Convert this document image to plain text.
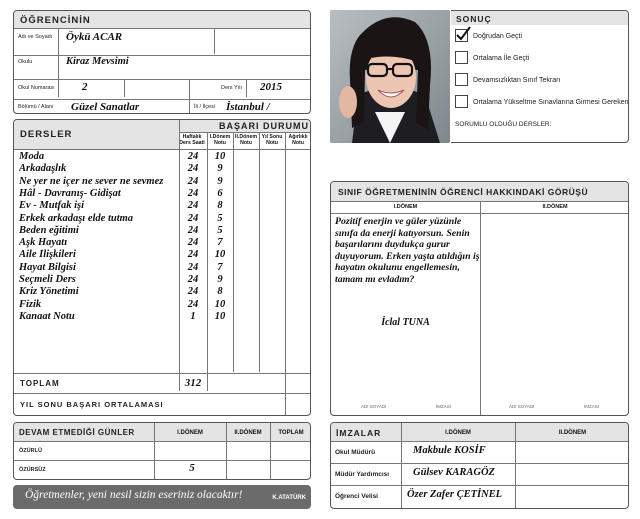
ÖĞRENCİNİN
Adı ve Soyadı Öykü ACAR
Okulu	Kiraz Mevsimi
Okul Numarası 2	Ders Yılı 2015
Bölümü / Alanı Güzel Sanatlar	İli / İlçesi İstanbul /
DERSLER
BAŞARI DURUMU
Haftalık Ders Saati
I.Dönem Notu
II.Dönem Notu
Yıl Sonu Notu
Ağırlıklı Notu
Moda	24	10
Arkadaşlık	24	9
Ne yer ne içer ne sever ne sevmez	24	9
Hâl - Davranış- Gidişat	24	6
Ev - Mutfak işi	24	8
Erkek arkadaşı elde tutma	24	5
Beden eğitimi	24	5
Aşk Hayatı	24	7
Aile İlişkileri	24	10
Hayat Bilgisi	24	7
Seçmeli Ders	24	9
Kriz Yönetimi	24	8
Fizik	24	10
Kanaat Notu	1	10
TOPLAM	312
YIL SONU BAŞARI ORTALAMASI
DEVAM ETMEDİĞİ GÜNLER	I.DÖNEM	II.DÖNEM	TOPLAM
ÖZÜRLÜ
ÖZÜRSÜZ	5
Öğretmenler, yeni nesil sizin eseriniz olacaktır!	K.ATATÜRK
SONUÇ
Doğrudan Geçti
Ortalama İle Geçti
Devamsızlıktan Sınıf Tekrarı
Ortalama Yükseltme Sınavlarına Girmesi Gereken
SORUMLU OLDUĞU DERSLER:
SINIF ÖĞRETMENİNİN ÖĞRENCİ HAKKINDAKİ GÖRÜŞÜ
I.DÖNEM	II.DÖNEM
Pozitif enerjin ve güler yüzünle sınıfa da enerji katıyorsun. Senin başarılarını duydukça gurur duyuyorum. Erken yaşta atıldığın iş hayatın okulunu engellemesin, tamam mı evladım?
İclal TUNA
ADI SOYADI	İMZASI	ADI SOYADI	İMZASI
İMZALAR	I.DÖNEM	II.DÖNEM
Okul Müdürü	Makbule KOSİF
Müdür Yardımcısı Gülsev KARAGÖZ
Öğrenci Velisi	Özer Zafer ÇETİNEL
